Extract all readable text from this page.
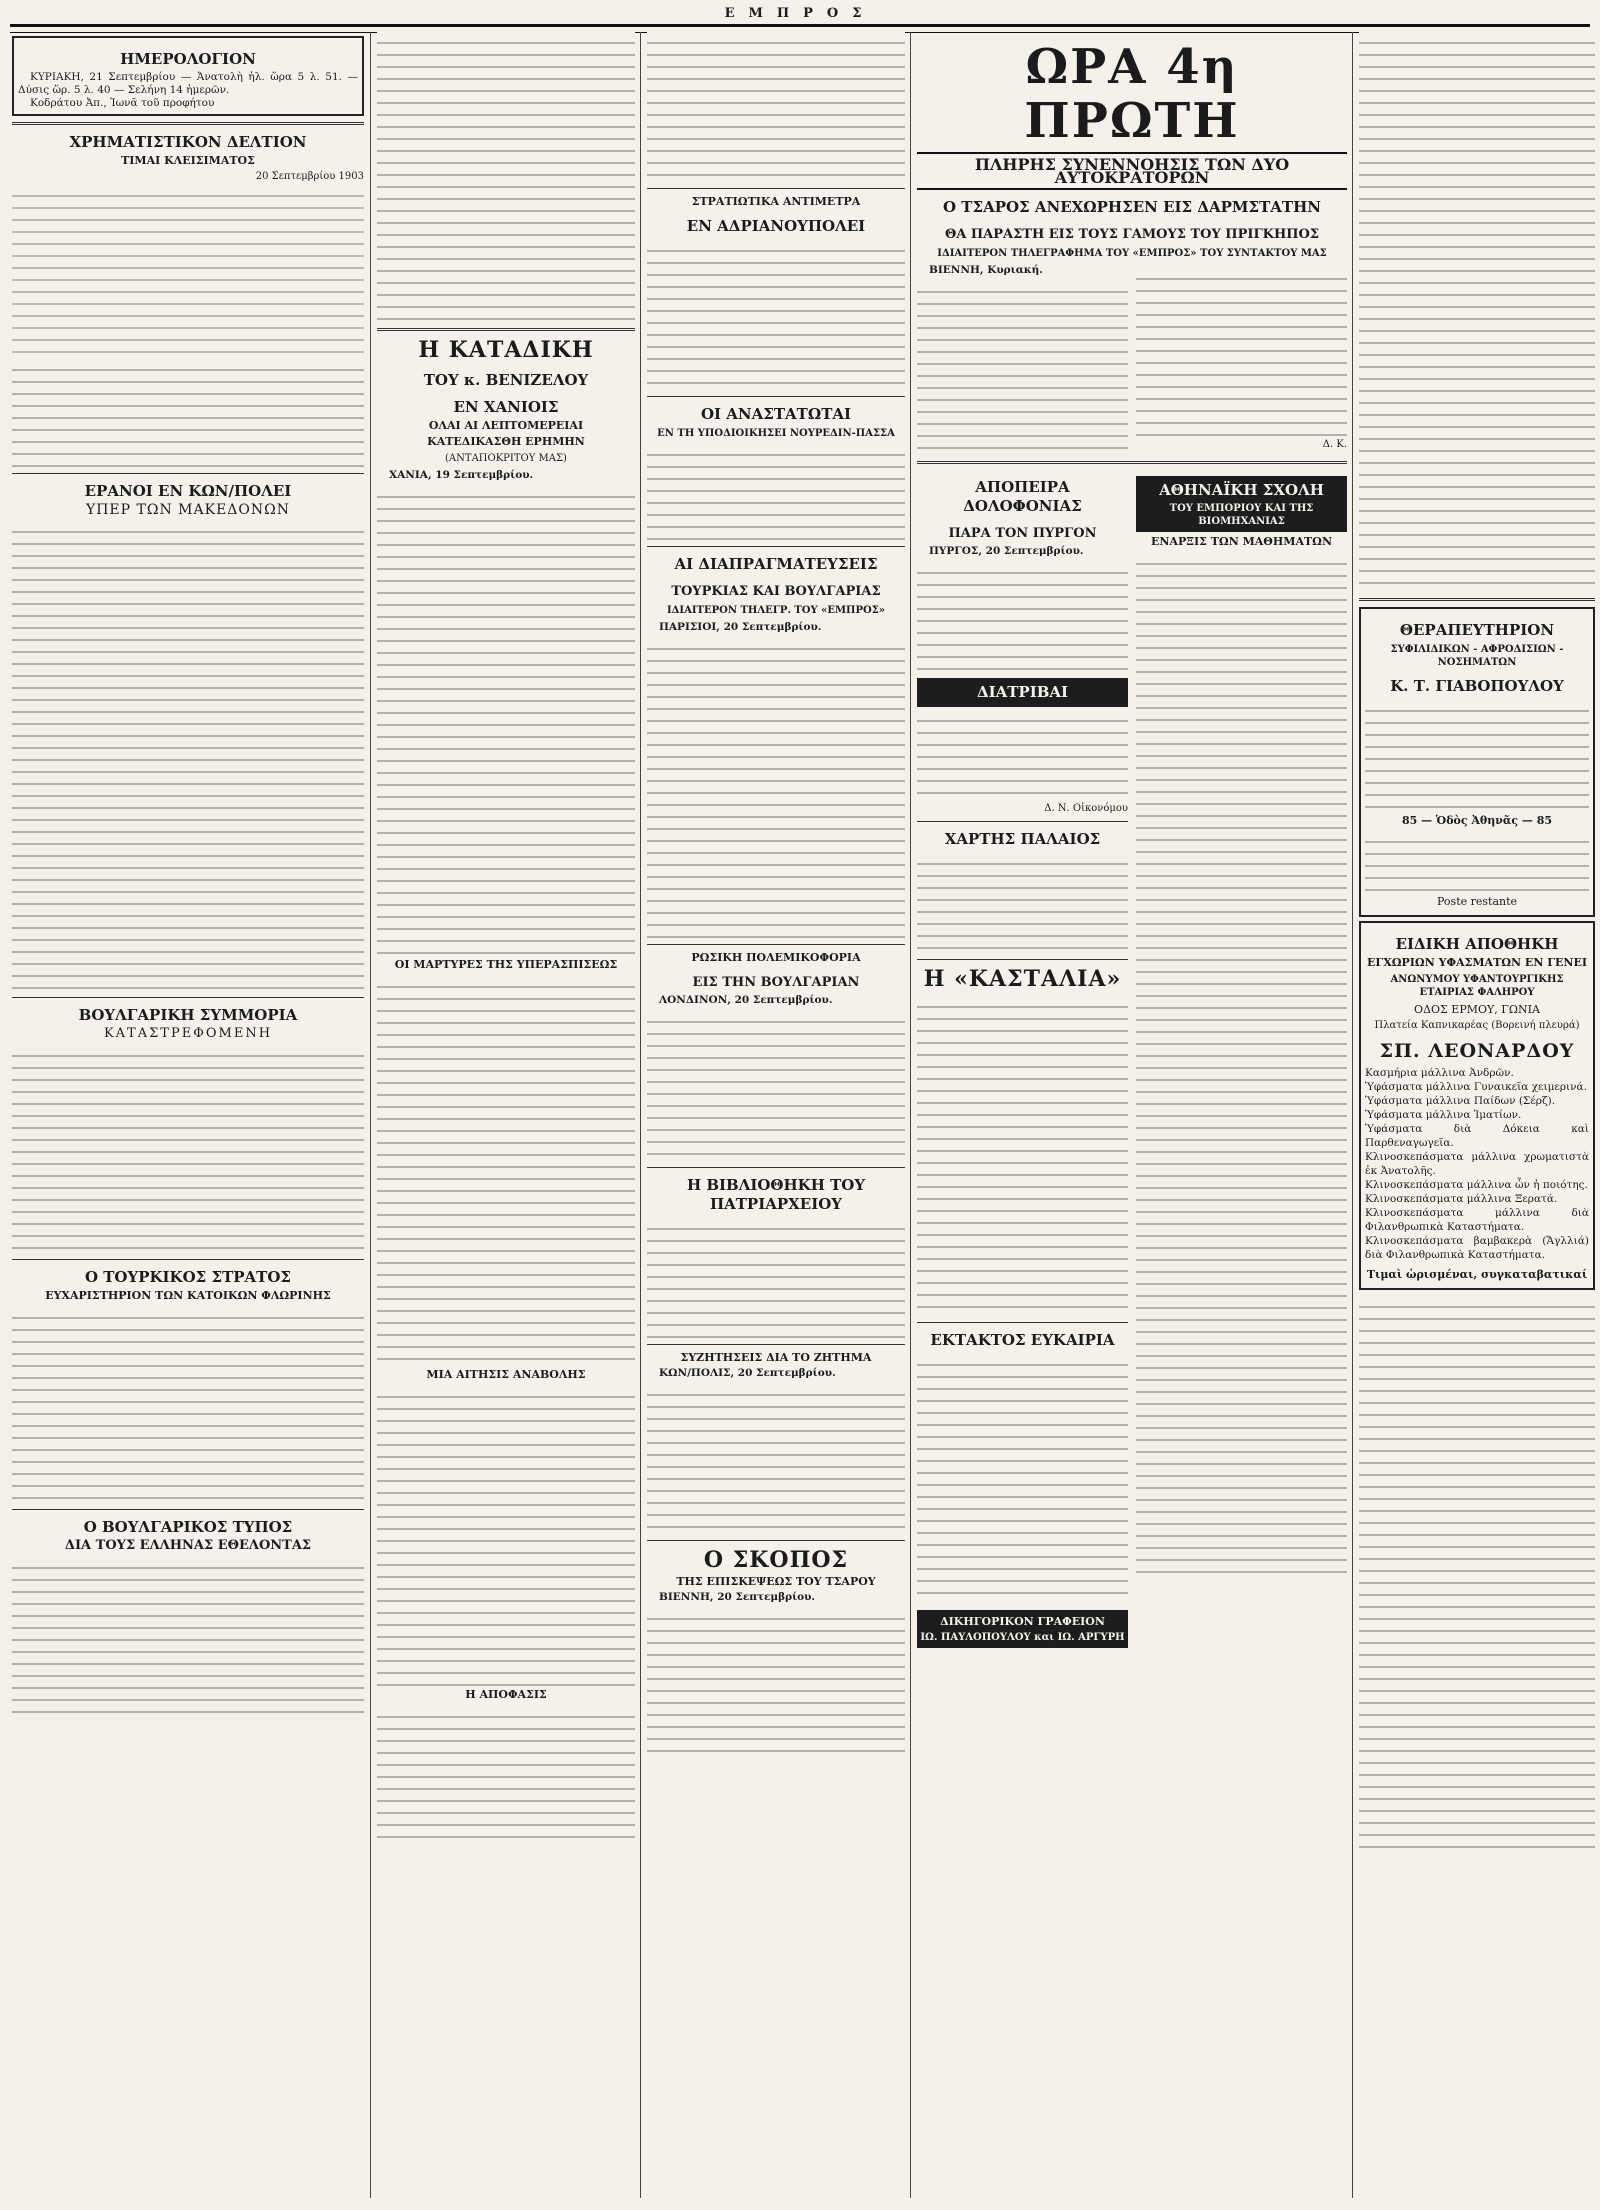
ΕΜΠΡΟΣ
ΗΜΕΡΟΛΟΓΙΟΝ

ΚΥΡΙΑΚΗ, 21 Σεπτεμβρίου — Ἀνατολὴ ἡλ. ὥρα 5 λ. 51. — Δύσις ὥρ. 5 λ. 40 — Σελήνη 14 ἡμερῶν.

Κοδράτου Ἀπ., Ἰωνᾶ τοῦ προφήτου

ΧΡΗΜΑΤΙΣΤΙΚΟΝ ΔΕΛΤΙΟΝ
ΤΙΜΑΙ ΚΛΕΙΣΙΜΑΤΟΣ
20 Σεπτεμβρίου 1903
ΕΡΑΝΟΙ ΕΝ ΚΩΝ/ΠΟΛΕΙ
ΥΠΕΡ ΤΩΝ ΜΑΚΕΔΟΝΩΝ
ΒΟΥΛΓΑΡΙΚΗ ΣΥΜΜΟΡΙΑ
ΚΑΤΑΣΤΡΕΦΟΜΕΝΗ
Ο ΤΟΥΡΚΙΚΟΣ ΣΤΡΑΤΟΣ
ΕΥΧΑΡΙΣΤΗΡΙΟΝ ΤΩΝ ΚΑΤΟΙΚΩΝ ΦΛΩΡΙΝΗΣ
Ο ΒΟΥΛΓΑΡΙΚΟΣ ΤΥΠΟΣ
ΔΙΑ ΤΟΥΣ ΕΛΛΗΝΑΣ ΕΘΕΛΟΝΤΑΣ
Η ΚΑΤΑΔΙΚΗ
ΤΟΥ κ. ΒΕΝΙΖΕΛΟΥ
ΕΝ ΧΑΝΙΟΙΣ
ΟΛΑΙ ΑΙ ΛΕΠΤΟΜΕΡΕΙΑΙ
ΚΑΤΕΔΙΚΑΣΘΗ ΕΡΗΜΗΝ
(ΑΝΤΑΠΟΚΡΙΤΟΥ ΜΑΣ)

ΧΑΝΙΑ, 19 Σεπτεμβρίου.

ΟΙ ΜΑΡΤΥΡΕΣ ΤΗΣ ΥΠΕΡΑΣΠΙΣΕΩΣ
ΜΙΑ ΑΙΤΗΣΙΣ ΑΝΑΒΟΛΗΣ
Η ΑΠΟΦΑΣΙΣ
ΣΤΡΑΤΙΩΤΙΚΑ ΑΝΤΙΜΕΤΡΑ
ΕΝ ΑΔΡΙΑΝΟΥΠΟΛΕΙ
ΟΙ ΑΝΑΣΤΑΤΩΤΑΙ
ΕΝ ΤΗ ΥΠΟΔΙΟΙΚΗΣΕΙ ΝΟΥΡΕΔΙΝ-ΠΑΣΣΑ
ΑΙ ΔΙΑΠΡΑΓΜΑΤΕΥΣΕΙΣ
ΤΟΥΡΚΙΑΣ ΚΑΙ ΒΟΥΛΓΑΡΙΑΣ
ΙΔΙΑΙΤΕΡΟΝ ΤΗΛΕΓΡ. ΤΟΥ «ΕΜΠΡΟΣ»

ΠΑΡΙΣΙΟΙ, 20 Σεπτεμβρίου.

ΡΩΣΙΚΗ ΠΟΛΕΜΙΚΟΦΟΡΙΑ
ΕΙΣ ΤΗΝ ΒΟΥΛΓΑΡΙΑΝ

ΛΟΝΔΙΝΟΝ, 20 Σεπτεμβρίου.

Η ΒΙΒΛΙΟΘΗΚΗ ΤΟΥ ΠΑΤΡΙΑΡΧΕΙΟΥ
ΣΥΖΗΤΗΣΕΙΣ ΔΙΑ ΤΟ ΖΗΤΗΜΑ

ΚΩΝ/ΠΟΛΙΣ, 20 Σεπτεμβρίου.

Ο ΣΚΟΠΟΣ
ΤΗΣ ΕΠΙΣΚΕΨΕΩΣ ΤΟΥ ΤΣΑΡΟΥ

ΒΙΕΝΝΗ, 20 Σεπτεμβρίου.

ΩΡΑ 4η ΠΡΩΤΗ
ΠΛΗΡΗΣ ΣΥΝΕΝΝΟΗΣΙΣ ΤΩΝ ΔΥΟ ΑΥΤΟΚΡΑΤΟΡΩΝ
Ο ΤΣΑΡΟΣ ΑΝΕΧΩΡΗΣΕΝ ΕΙΣ ΔΑΡΜΣΤΑΤΗΝ
ΘΑ ΠΑΡΑΣΤΗ ΕΙΣ ΤΟΥΣ ΓΑΜΟΥΣ ΤΟΥ ΠΡΙΓΚΗΠΟΣ
ΙΔΙΑΙΤΕΡΟΝ ΤΗΛΕΓΡΑΦΗΜΑ ΤΟΥ «ΕΜΠΡΟΣ» ΤΟΥ ΣΥΝΤΑΚΤΟΥ ΜΑΣ

ΒΙΕΝΝΗ, Κυριακή.

Δ. Κ.
ΑΠΟΠΕΙΡΑ ΔΟΛΟΦΟΝΙΑΣ
ΠΑΡΑ ΤΟΝ ΠΥΡΓΟΝ

ΠΥΡΓΟΣ, 20 Σεπτεμβρίου.

ΔΙΑΤΡΙΒΑΙ
Δ. Ν. Οἰκονόμου
ΧΑΡΤΗΣ ΠΑΛΑΙΟΣ
Η «ΚΑΣΤΑΛΙΑ»
ΕΚΤΑΚΤΟΣ ΕΥΚΑΙΡΙΑ
ΔΙΚΗΓΟΡΙΚΟΝ ΓΡΑΦΕΙΟΝ
ΙΩ. ΠΑΥΛΟΠΟΥΛΟΥ και ΙΩ. ΑΡΓΥΡΗ
ΑΘΗΝΑΪΚΗ ΣΧΟΛΗ
ΤΟΥ ΕΜΠΟΡΙΟΥ ΚΑΙ ΤΗΣ ΒΙΟΜΗΧΑΝΙΑΣ
ΕΝΑΡΞΙΣ ΤΩΝ ΜΑΘΗΜΑΤΩΝ
ΘΕΡΑΠΕΥΤΗΡΙΟΝ
ΣΥΦΙΛΙΔΙΚΩΝ - ΑΦΡΟΔΙΣΙΩΝ - ΝΟΣΗΜΑΤΩΝ
Κ. Τ. ΓΙΑΒΟΠΟΥΛΟΥ
85 — Ὁδὸς Ἀθηνᾶς — 85
Poste restante
ΕΙΔΙΚΗ ΑΠΟΘΗΚΗ
ΕΓΧΩΡΙΩΝ ΥΦΑΣΜΑΤΩΝ ΕΝ ΓΕΝΕΙ
ΑΝΩΝΥΜΟΥ ΥΦΑΝΤΟΥΡΓΙΚΗΣ ΕΤΑΙΡΙΑΣ ΦΑΛΗΡΟΥ
ΟΔΟΣ ΕΡΜΟΥ, ΓΩΝΙΑ
Πλατεία Καπνικαρέας (Βορεινή πλευρά)
ΣΠ. ΛΕΟΝΑΡΔΟΥ
Κασμήρια μάλλινα Ἀνδρῶν.
Ὑφάσματα μάλλινα Γυναικεῖα χειμερινά.
Ὑφάσματα μάλλινα Παίδων (Σέρζ).
Ὑφάσματα μάλλινα Ἱματίων.
Ὑφάσματα διὰ Δόκεια καὶ Παρθεναγωγεῖα.
Κλινοσκεπάσματα μάλλινα χρωματιστὰ ἐκ Ἀνατολῆς.
Κλινοσκεπάσματα μάλλινα ὧν ἡ ποιότης.
Κλινοσκεπάσματα μάλλινα Ξερατά.
Κλινοσκεπάσματα μάλλινα διὰ Φιλανθρωπικὰ Καταστήματα.
Κλινοσκεπάσματα βαμβακερὰ (Ἄγλλιά) διὰ Φιλανθρωπικὰ Καταστήματα.
Τιμαὶ ὡρισμέναι, συγκαταβατικαί
